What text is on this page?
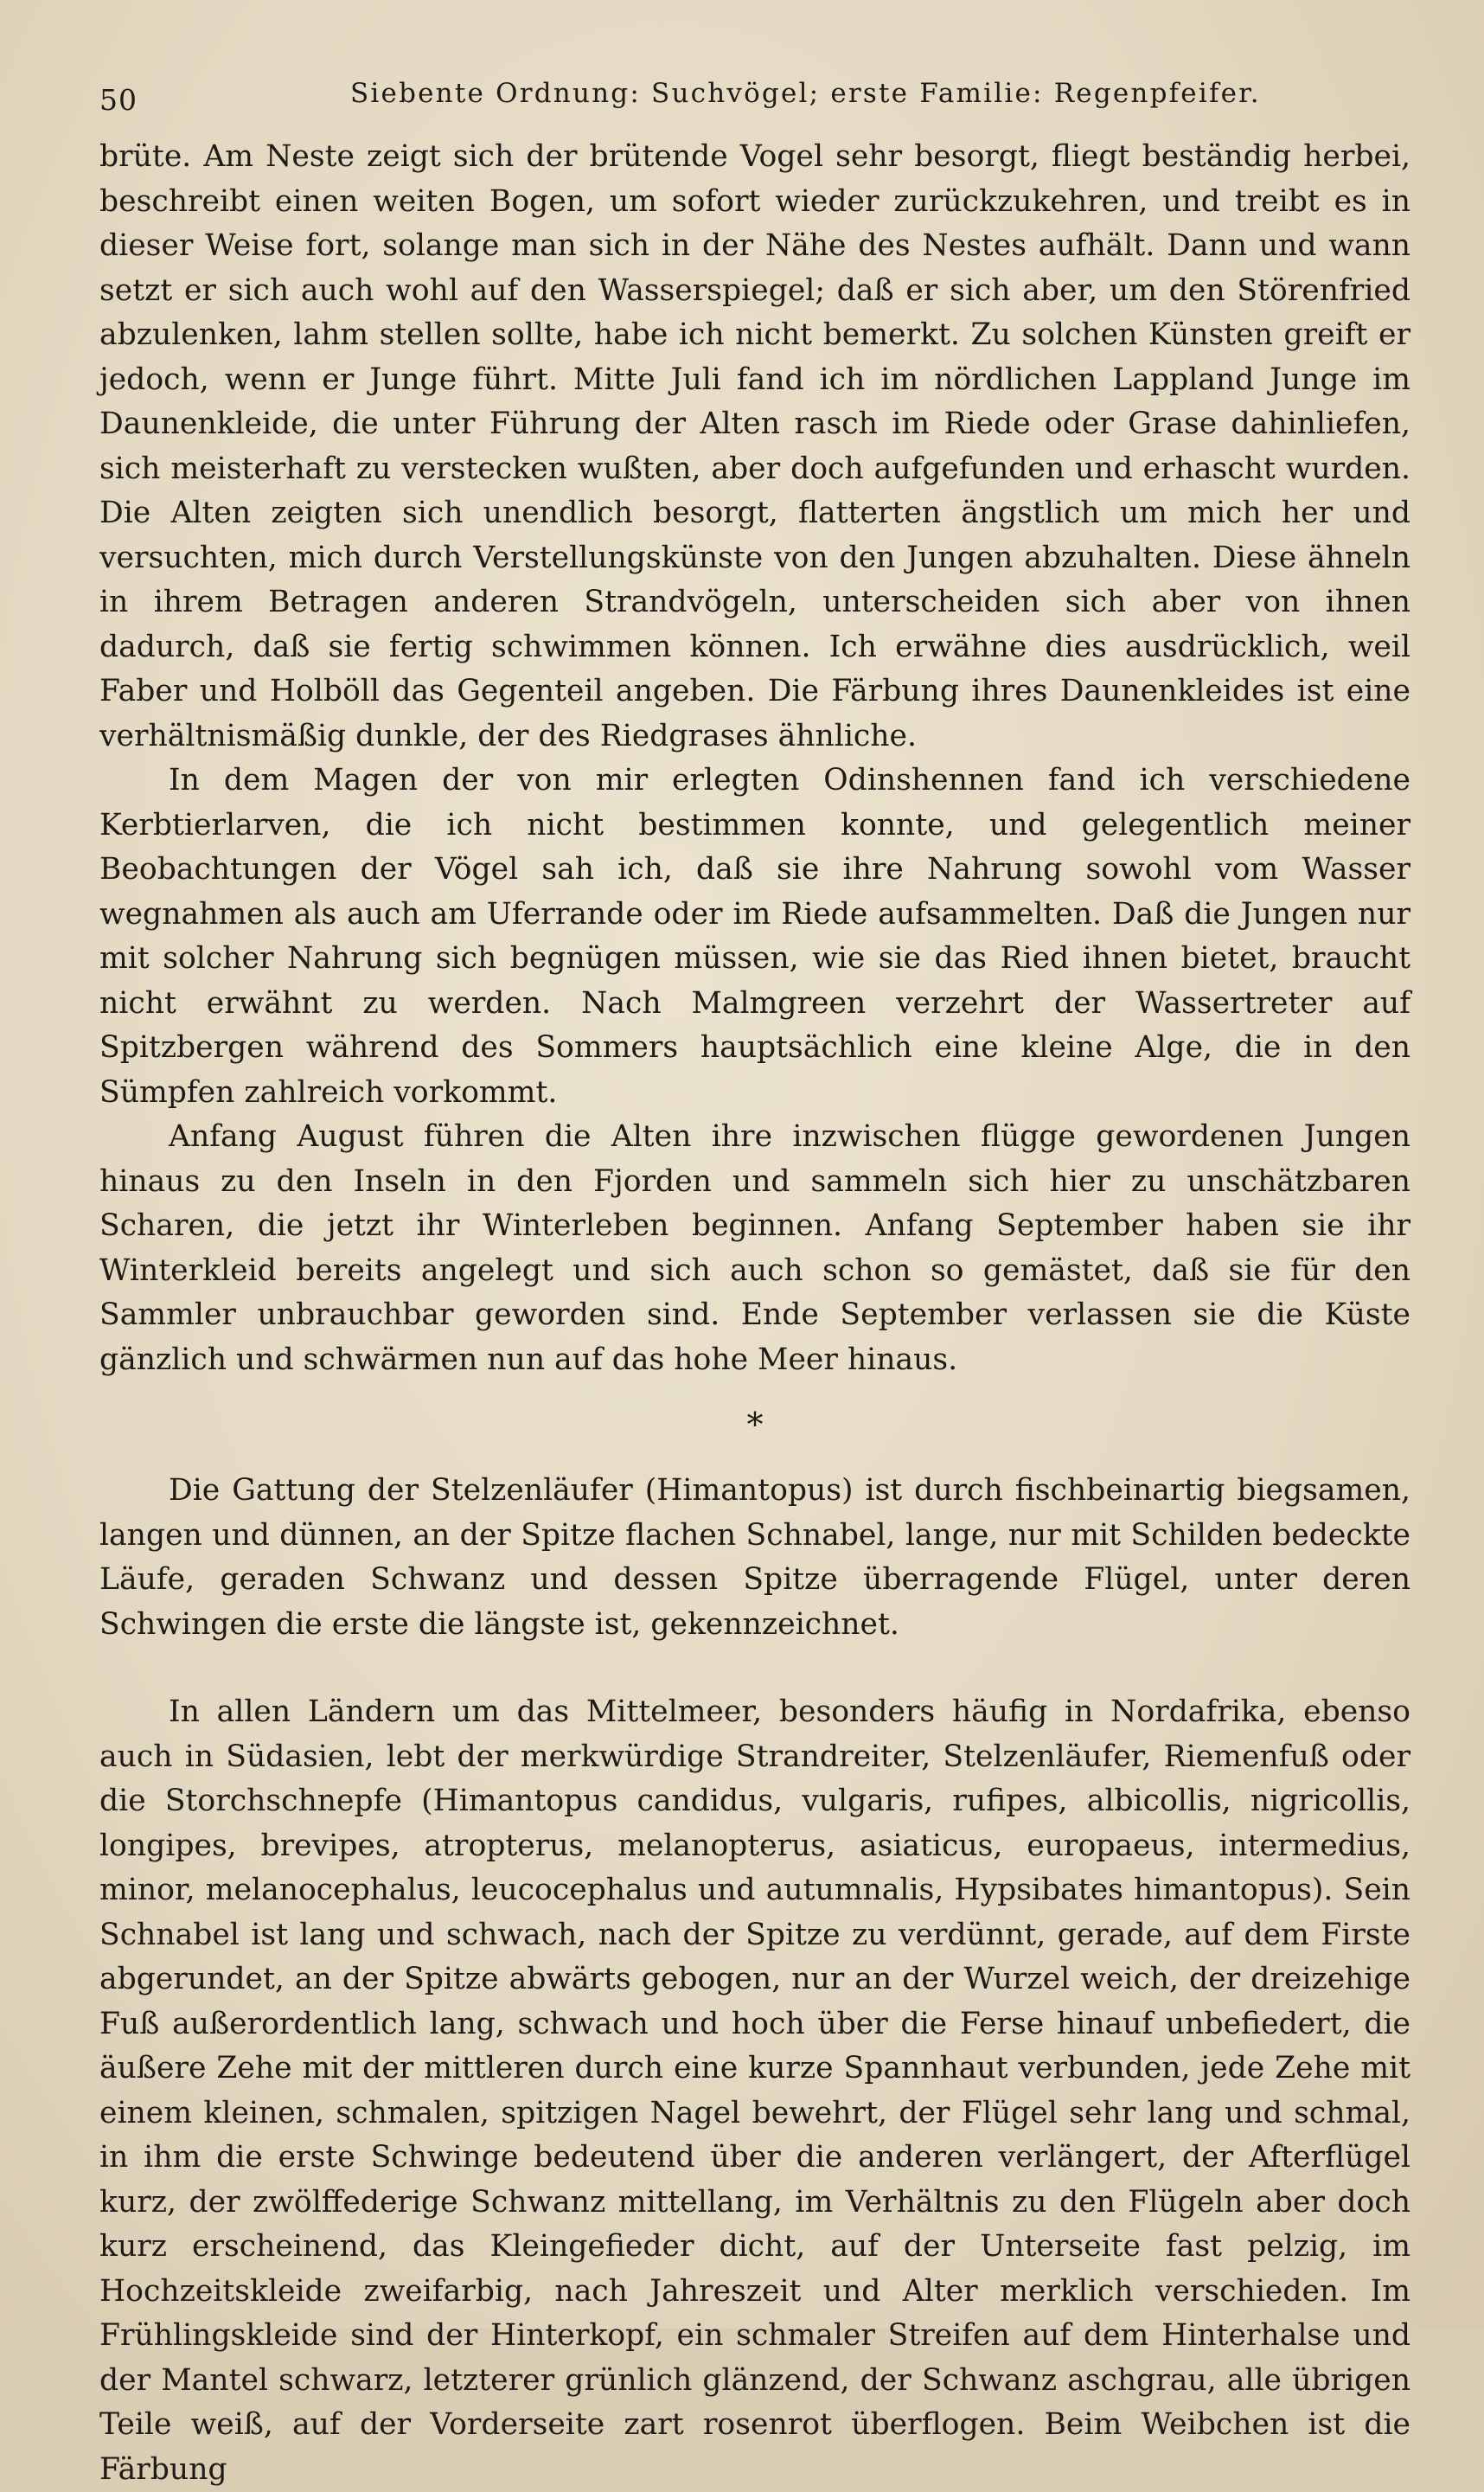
50	Siebente Ordnung: Suchvögel; erste Familie: Regenpfeifer.

brüte. Am Neste zeigt sich der brütende Vogel sehr besorgt, fliegt beständig herbei, beschreibt einen weiten Bogen, um sofort wieder zurückzukehren, und treibt es in dieser Weise fort, solange man sich in der Nähe des Nestes aufhält. Dann und wann setzt er sich auch wohl auf den Wasserspiegel; daß er sich aber, um den Störenfried abzulenken, lahm stellen sollte, habe ich nicht bemerkt. Zu solchen Künsten greift er jedoch, wenn er Junge führt. Mitte Juli fand ich im nördlichen Lappland Junge im Daunenkleide, die unter Führung der Alten rasch im Riede oder Grase dahinliefen, sich meisterhaft zu verstecken wußten, aber doch aufgefunden und erhascht wurden. Die Alten zeigten sich unendlich besorgt, flatterten ängstlich um mich her und versuchten, mich durch Verstellungskünste von den Jungen abzuhalten. Diese ähneln in ihrem Betragen anderen Strandvögeln, unterscheiden sich aber von ihnen dadurch, daß sie fertig schwimmen können. Ich erwähne dies ausdrücklich, weil Faber und Holböll das Gegenteil angeben. Die Färbung ihres Daunenkleides ist eine verhältnismäßig dunkle, der des Riedgrases ähnliche.

In dem Magen der von mir erlegten Odinshennen fand ich verschiedene Kerbtierlarven, die ich nicht bestimmen konnte, und gelegentlich meiner Beobachtungen der Vögel sah ich, daß sie ihre Nahrung sowohl vom Wasser wegnahmen als auch am Uferrande oder im Riede aufsammelten. Daß die Jungen nur mit solcher Nahrung sich begnügen müssen, wie sie das Ried ihnen bietet, braucht nicht erwähnt zu werden. Nach Malmgreen verzehrt der Wassertreter auf Spitzbergen während des Sommers hauptsächlich eine kleine Alge, die in den Sümpfen zahlreich vorkommt.

Anfang August führen die Alten ihre inzwischen flügge gewordenen Jungen hinaus zu den Inseln in den Fjorden und sammeln sich hier zu unschätzbaren Scharen, die jetzt ihr Winterleben beginnen. Anfang September haben sie ihr Winterkleid bereits angelegt und sich auch schon so gemästet, daß sie für den Sammler unbrauchbar geworden sind. Ende September verlassen sie die Küste gänzlich und schwärmen nun auf das hohe Meer hinaus.

*

Die Gattung der Stelzenläufer (Himantopus) ist durch fischbeinartig biegsamen, langen und dünnen, an der Spitze flachen Schnabel, lange, nur mit Schilden bedeckte Läufe, geraden Schwanz und dessen Spitze überragende Flügel, unter deren Schwingen die erste die längste ist, gekennzeichnet.

In allen Ländern um das Mittelmeer, besonders häufig in Nordafrika, ebenso auch in Südasien, lebt der merkwürdige Strandreiter, Stelzenläufer, Riemenfuß oder die Storchschnepfe (Himantopus candidus, vulgaris, rufipes, albicollis, nigricollis, longipes, brevipes, atropterus, melanopterus, asiaticus, europaeus, intermedius, minor, melanocephalus, leucocephalus und autumnalis, Hypsibates himantopus). Sein Schnabel ist lang und schwach, nach der Spitze zu verdünnt, gerade, auf dem Firste abgerundet, an der Spitze abwärts gebogen, nur an der Wurzel weich, der dreizehige Fuß außerordentlich lang, schwach und hoch über die Ferse hinauf unbefiedert, die äußere Zehe mit der mittleren durch eine kurze Spannhaut verbunden, jede Zehe mit einem kleinen, schmalen, spitzigen Nagel bewehrt, der Flügel sehr lang und schmal, in ihm die erste Schwinge bedeutend über die anderen verlängert, der Afterflügel kurz, der zwölffederige Schwanz mittellang, im Verhältnis zu den Flügeln aber doch kurz erscheinend, das Kleingefieder dicht, auf der Unterseite fast pelzig, im Hochzeitskleide zweifarbig, nach Jahreszeit und Alter merklich verschieden. Im Frühlingskleide sind der Hinterkopf, ein schmaler Streifen auf dem Hinterhalse und der Mantel schwarz, letzterer grünlich glänzend, der Schwanz aschgrau, alle übrigen Teile weiß, auf der Vorderseite zart rosenrot überflogen. Beim Weibchen ist die Färbung
